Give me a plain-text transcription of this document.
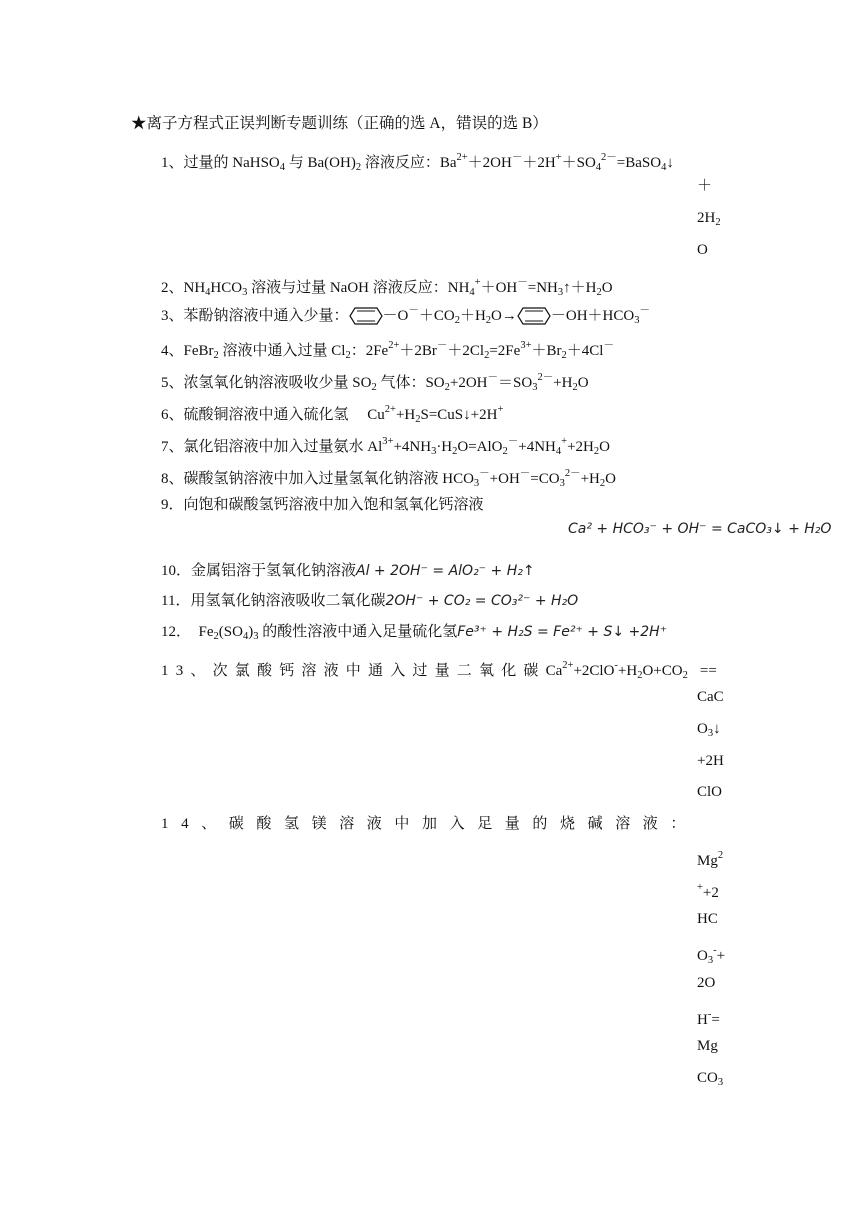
★离子方程式正误判断专题训练（正确的选 A，错误的选 B）
1、过量的 NaHSO$_4$ 与 $Ba(OH)_2$ 溶液反应：$Ba^{2+}+2OH^-+2H^++SO_4^{2-}=BaSO_4↓$
＋
$2H_2$
O
2、$NH_4HCO_3$ 溶液与过量 NaOH 溶液反应：$NH_4^++OH^-=NH_3↑+H_2O$
3、苯酚钠溶液中通入少量： $-O^-+CO_2+H_2O\to -OH+HCO_3^-$
4、FeBr$_2$ 溶液中通入过量 $Cl_2$：$2Fe^{2+}+2Br^-+2Cl_2=2Fe^{3+}+Br_2+4Cl^-$
5、浓氢氧化钠溶液吸收少量 $SO_2$ 气体：$SO_2+2OH^-=SO_3^{2-}+H_2O$
6、硫酸铜溶液中通入硫化氢　 $Cu^{2+}+H_2S=CuS↓+2H^+$
7、氯化铝溶液中加入过量氨水 $Al^{3+}+4NH_3\cdot H_2O=AlO_2^-+4NH_4^++2H_2O$
8、碳酸氢钠溶液中加入过量氢氧化钠溶液 $HCO_3^-+OH^-=CO_3^{2-}+H_2O$
9．向饱和碳酸氢钙溶液中加入饱和氢氧化钙溶液
Ca² + HCO₃⁻ + OH⁻ = CaCO₃↓ + H₂O
10．金属铝溶于氢氧化钠溶液Al + 2OH⁻ = AlO₂⁻ + H₂↑
11．用氢氧化钠溶液吸收二氧化碳2OH⁻ + CO₂ = CO₃²⁻ + H₂O
12．　$Fe_2(SO_4)_3$ 的酸性溶液中通入足量硫化氢Fe³⁺ + H₂S = Fe²⁺ + S↓ +2H⁺
13、次氯酸钙溶液中通入过量二氧化碳$Ca^{2+}+2ClO^-+H_2O+CO_2$ ==
CaC
$O_3↓$
+2H
ClO
14、碳酸氢镁溶液中加入足量的烧碱溶液：
Mg$^2$
++2
HC
$O_3^-+$
2O
H-=
Mg
$CO_3$
